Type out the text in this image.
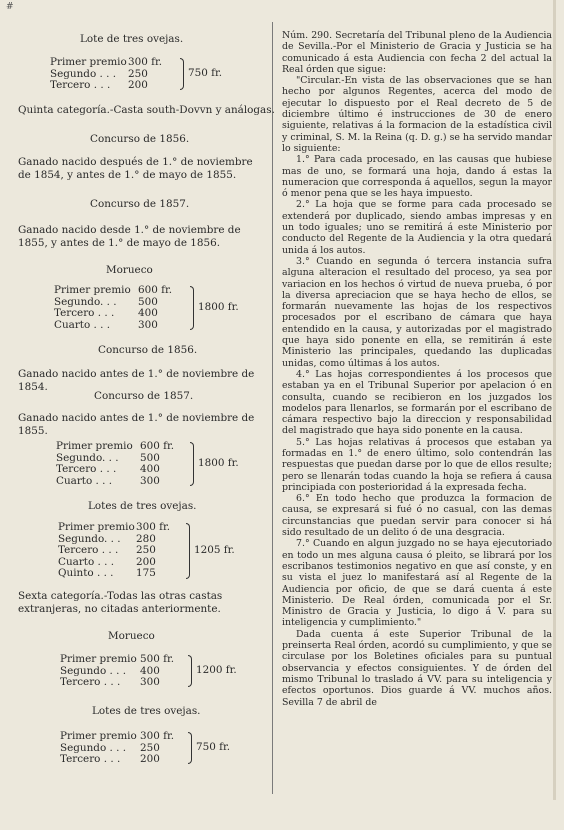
#
Lote de tres ovejas.
Primer premio 300 fr.
Segundo . . . 250
Tercero . . . 200
750 fr.
Quinta categoría.-Casta south-Dovvn y análogas.
Concurso de 1856.
Ganado nacido después de 1.° de noviembre de 1854, y antes de 1.° de mayo de 1855.
Concurso de 1857.
Ganado nacido desde 1.° de noviembre de 1855, y antes de 1.° de mayo de 1856.
Morueco
Primer premio 600 fr.
Segundo. . . 500
Tercero . . . 400
Cuarto . . .	300
1800 fr.
Concurso de 1856.
Ganado nacido antes de 1.° de noviembre de 1854.
Concurso de 1857.
Ganado nacido antes de 1.° de noviembre de 1855.
Primer premio 600 fr.
Segundo. . . 500
Tercero . . . 400
Cuarto . . .	300
1800 fr.
Lotes de tres ovejas.
Primer premio 300 fr.
Segundo. . . 280
Tercero . . . 250
Cuarto . . . 200
Quinto . . . 175
1205 fr.
Sexta categoría.-Todas las otras castas extranjeras, no citadas anteriormente.
Morueco
Primer premio 500 fr.
Segundo . . . 400
Tercero . . . 300
1200 fr.
Lotes de tres ovejas.
Primer premio 300 fr.
Segundo . . . 250
Tercero . . . 200
750 fr.

Núm. 290. Secretaría del Tribunal pleno de la Audiencia de Sevilla.-Por el Ministerio de Gracia y Justicia se ha comunicado á esta Audiencia con fecha 2 del actual la Real órden que sigue:

"Circular.-En vista de las observaciones que se han hecho por algunos Regentes, acerca del modo de ejecutar lo dispuesto por el Real decreto de 5 de diciembre último é instrucciones de 30 de enero siguiente, relativas á la formacion de la estadística civil y criminal, S. M. la Reina (q. D. g.) se ha servido mandar lo siguiente:

1.° Para cada procesado, en las causas que hubiese mas de uno, se formará una hoja, dando á estas la numeracion que corresponda á aquellos, segun la mayor ó menor pena que se les haya impuesto.

2.° La hoja que se forme para cada procesado se extenderá por duplicado, siendo ambas impresas y en un todo iguales; uno se remitirá á este Ministerio por conducto del Regente de la Audiencia y la otra quedará unida á los autos.

3.° Cuando en segunda ó tercera instancia sufra alguna alteracion el resultado del proceso, ya sea por variacion en los hechos ó virtud de nueva prueba, ó por la diversa apreciacion que se haya hecho de ellos, se formarán nuevamente las hojas de los respectivos procesados por el escribano de cámara que haya entendido en la causa, y autorizadas por el magistrado que haya sido ponente en ella, se remitirán á este Ministerio las principales, quedando las duplicadas unidas, como últimas á los autos.

4.° Las hojas correspondientes á los procesos que estaban ya en el Tribunal Superior por apelacion ó en consulta, cuando se recibieron en los juzgados los modelos para llenarlos, se formarán por el escribano de cámara respectivo bajo la direccion y responsabilidad del magistrado que haya sido ponente en la causa.

5.° Las hojas relativas á procesos que estaban ya formadas en 1.° de enero último, solo contendrán las respuestas que puedan darse por lo que de ellos resulte; pero se llenarán todas cuando la hoja se refiera á causa principiada con posterioridad á la expresada fecha.

6.° En todo hecho que produzca la formacion de causa, se expresará si fué ó no casual, con las demas circunstancias que puedan servir para conocer si há sido resultado de un delito ó de una desgracia.

7.° Cuando en algun juzgado no se haya ejecutoriado en todo un mes alguna causa ó pleito, se librará por los escribanos testimonios negativo en que así conste, y en su vista el juez lo manifestará así al Regente de la Audiencia por oficio, de que se dará cuenta á este Ministerio. De Real órden, comunicada por el Sr. Ministro de Gracia y Justicia, lo digo á V. para su inteligencia y cumplimiento."

Dada cuenta á este Superior Tribunal de la preinserta Real órden, acordó su cumplimiento, y que se circulase por los Boletines oficiales para su puntual observancia y efectos consiguientes. Y de órden del mismo Tribunal lo traslado á VV. para su inteligencia y efectos oportunos. Dios guarde á VV. muchos años. Sevilla 7 de abril de
